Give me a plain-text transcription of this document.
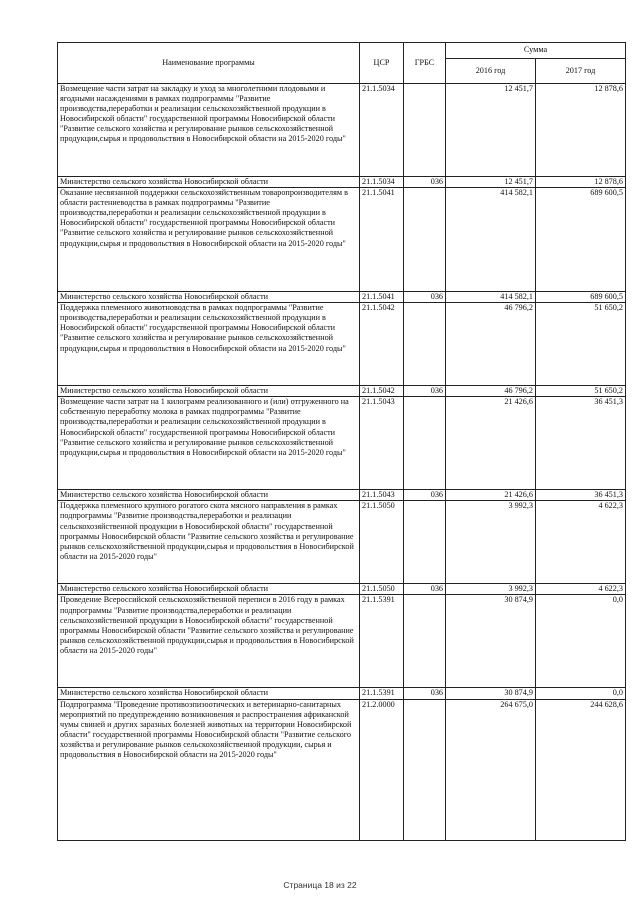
Наименование программы	ЦСР	ГРБС	Сумма	
			2016 год	2017 год
Возмещение части затрат на закладку и уход за многолетними плодовыми и ягодными насаждениями в рамках подпрограммы "Развитие производства,переработки и реализации сельскохозяйственной продукции в Новосибирской области" государственной программы Новосибирской области "Развитие сельского хозяйства и регулирование рынков сельскохозяйственной продукции,сырья и продовольствия в Новосибирской области на 2015-2020 годы"	21.1.5034		12 451,7	12 878,6
Министерство сельского хозяйства Новосибирской области	21.1.5034	036	12 451,7	12 878,6
Оказание несвязанной поддержки сельскохозяйственным товаропроизводителям в области растениеводства в рамках подпрограммы "Развитие производства,переработки и реализации сельскохозяйственной продукции в Новосибирской области" государственной программы Новосибирской области "Развитие сельского хозяйства и регулирование рынков сельскохозяйственной продукции,сырья и продовольствия в Новосибирской области на 2015-2020 годы"	21.1.5041		414 582,1	689 600,5
Министерство сельского хозяйства Новосибирской области	21.1.5041	036	414 582,1	689 600,5
Поддержка племенного животноводства в рамках подпрограммы "Развитие производства,переработки и реализации сельскохозяйственной продукции в Новосибирской области" государственной программы Новосибирской области "Развитие сельского хозяйства и регулирование рынков сельскохозяйственной продукции,сырья и продовольствия в Новосибирской области на 2015-2020 годы"	21.1.5042		46 796,2	51 650,2
Министерство сельского хозяйства Новосибирской области	21.1.5042	036	46 796,2	51 650,2
Возмещение части затрат на 1 килограмм реализованного и (или) отгруженного на собственную переработку молока в рамках подпрограммы "Развитие производства,переработки и реализации сельскохозяйственной продукции в Новосибирской области" государственной программы Новосибирской области "Развитие сельского хозяйства и регулирование рынков сельскохозяйственной продукции,сырья и продовольствия в Новосибирской области на 2015-2020 годы"	21.1.5043		21 426,6	36 451,3
Министерство сельского хозяйства Новосибирской области	21.1.5043	036	21 426,6	36 451,3
Поддержка племенного крупного рогатого скота мясного направления в рамках подпрограммы "Развитие производства,переработки и реализации сельскохозяйственной продукции в Новосибирской области" государственной программы Новосибирской области "Развитие сельского хозяйства и регулирование рынков сельскохозяйственной продукции,сырья и продовольствия в Новосибирской области на 2015-2020 годы"	21.1.5050		3 992,3	4 622,3
Министерство сельского хозяйства Новосибирской области	21.1.5050	036	3 992,3	4 622,3
Проведение Всероссийской сельскохозяйственной переписи в 2016 году в рамках подпрограммы "Развитие производства,переработки и реализации сельскохозяйственной продукции в Новосибирской области" государственной программы Новосибирской области "Развитие сельского хозяйства и регулирование рынков сельскохозяйственной продукции,сырья и продовольствия в Новосибирской области на 2015-2020 годы"	21.1.5391		30 874,9	0,0
Министерство сельского хозяйства Новосибирской области	21.1.5391	036	30 874,9	0,0
Подпрограмма "Проведение противоэпизоотических и ветеринарно-санитарных мероприятий по предупреждению возникновения и распространения африканской чумы свиней и других заразных болезней животных на территории Новосибирской области" государственной программы Новосибирской области "Развитие сельского хозяйства и регулирование рынков сельскохозяйственной продукции, сырья и продовольствия в Новосибирской области на 2015-2020 годы"	21.2.0000		264 675,0	244 628,6
Страница 18 из 22
